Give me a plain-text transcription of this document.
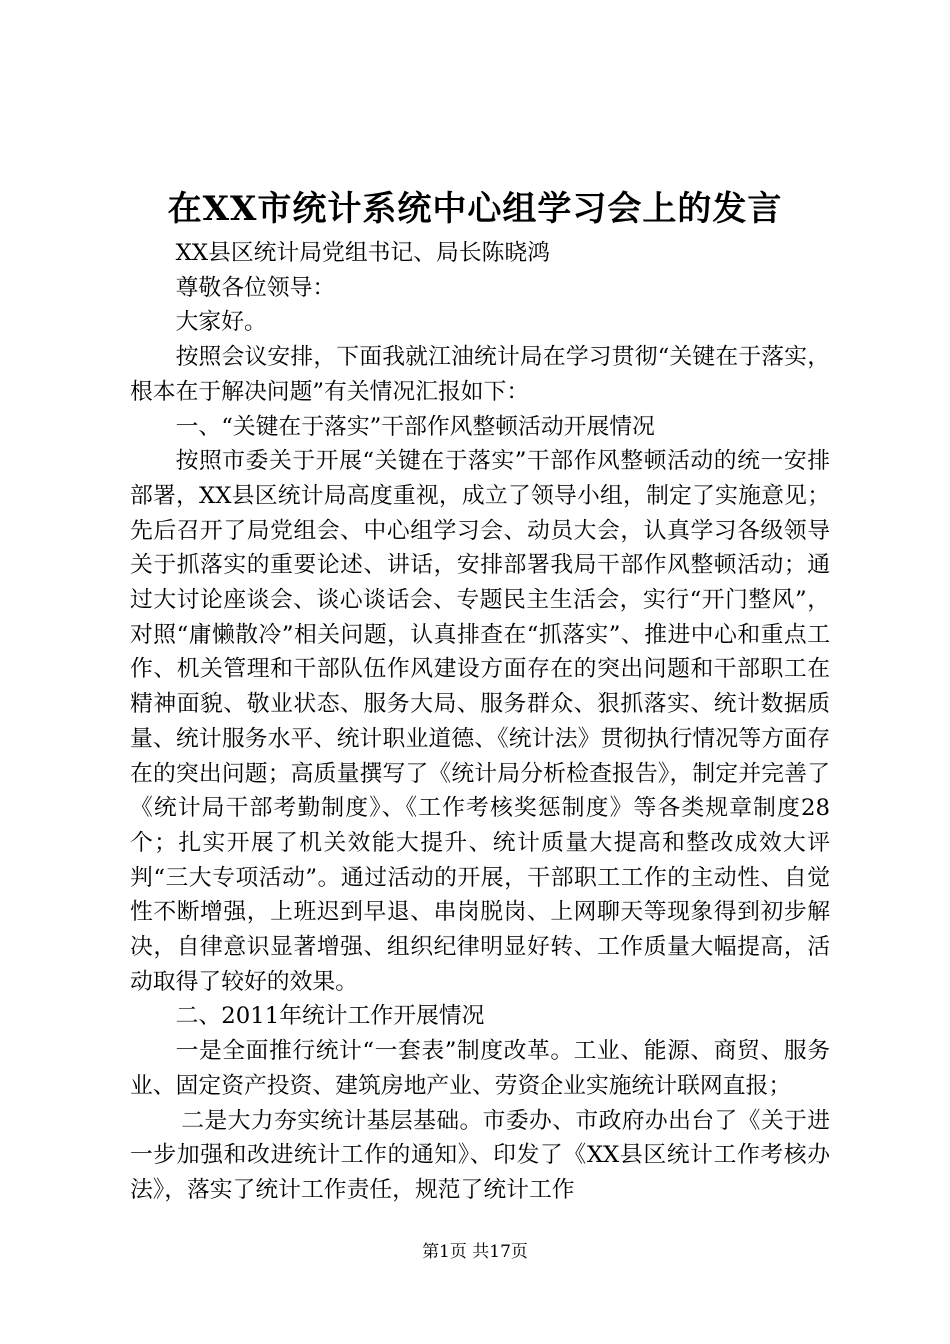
在XX市统计系统中心组学习会上的发言

XX县区统计局党组书记、局长陈晓鸿

尊敬各位领导：

大家好。

按照会议安排，下面我就江油统计局在学习贯彻“关键在于落实，根本在于解决问题”有关情况汇报如下：

一、“关键在于落实”干部作风整顿活动开展情况

按照市委关于开展“关键在于落实”干部作风整顿活动的统一安排部署，XX县区统计局高度重视，成立了领导小组，制定了实施意见；先后召开了局党组会、中心组学习会、动员大会，认真学习各级领导关于抓落实的重要论述、讲话，安排部署我局干部作风整顿活动；通过大讨论座谈会、谈心谈话会、专题民主生活会，实行“开门整风”，对照“庸懒散冷”相关问题，认真排查在“抓落实”、推进中心和重点工作、机关管理和干部队伍作风建设方面存在的突出问题和干部职工在精神面貌、敬业状态、服务大局、服务群众、狠抓落实、统计数据质量、统计服务水平、统计职业道德、《统计法》贯彻执行情况等方面存在的突出问题；高质量撰写了《统计局分析检查报告》，制定并完善了《统计局干部考勤制度》、《工作考核奖惩制度》等各类规章制度28个；扎实开展了机关效能大提升、统计质量大提高和整改成效大评判“三大专项活动”。通过活动的开展，干部职工工作的主动性、自觉性不断增强，上班迟到早退、串岗脱岗、上网聊天等现象得到初步解决，自律意识显著增强、组织纪律明显好转、工作质量大幅提高，活动取得了较好的效果。

二、2011年统计工作开展情况

一是全面推行统计“一套表”制度改革。工业、能源、商贸、服务业、固定资产投资、建筑房地产业、劳资企业实施统计联网直报；

二是大力夯实统计基层基础。市委办、市政府办出台了《关于进一步加强和改进统计工作的通知》、印发了《XX县区统计工作考核办法》，落实了统计工作责任，规范了统计工作

第1页 共17页
